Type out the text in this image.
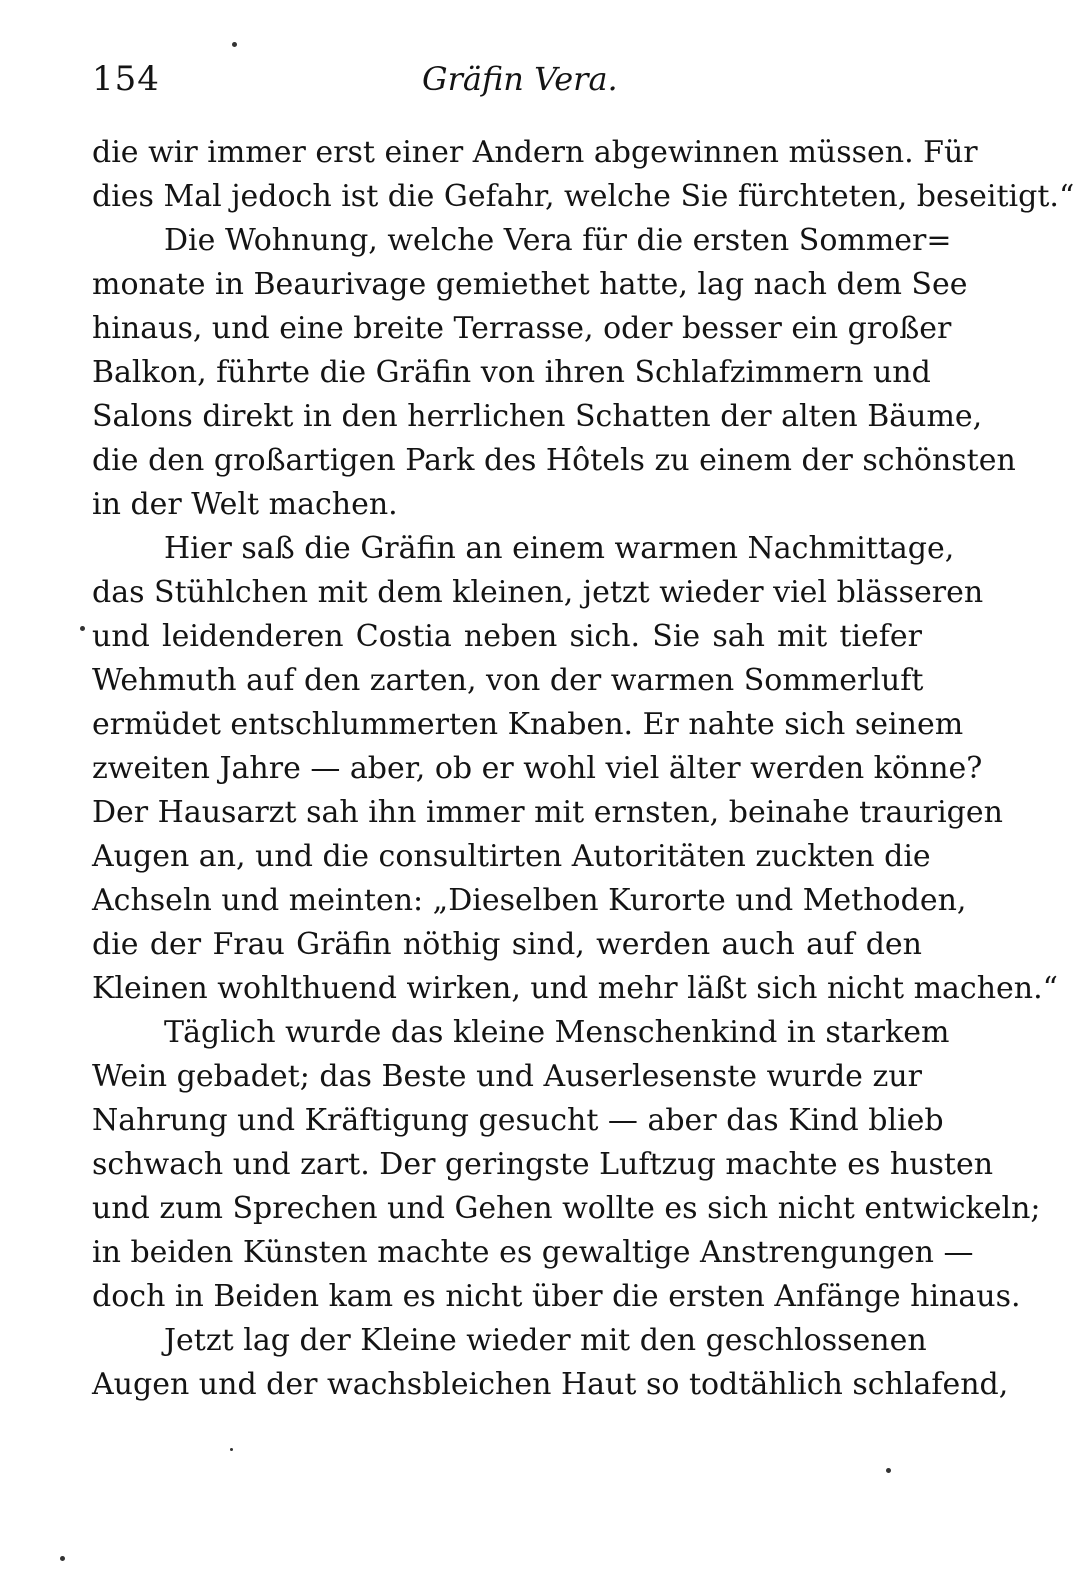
154	Gräfin Vera.
die wir immer erst einer Andern abgewinnen müssen. Für
dies Mal jedoch ist die Gefahr, welche Sie fürchteten, beseitigt.“
Die Wohnung, welche Vera für die ersten Sommer=
monate in Beaurivage gemiethet hatte, lag nach dem See
hinaus, und eine breite Terrasse, oder besser ein großer
Balkon, führte die Gräfin von ihren Schlafzimmern und
Salons direkt in den herrlichen Schatten der alten Bäume,
die den großartigen Park des Hôtels zu einem der schönsten
in der Welt machen.
Hier saß die Gräfin an einem warmen Nachmittage,
das Stühlchen mit dem kleinen, jetzt wieder viel blässeren
und leidenderen Costia neben sich. Sie sah mit tiefer
Wehmuth auf den zarten, von der warmen Sommerluft
ermüdet entschlummerten Knaben. Er nahte sich seinem
zweiten Jahre — aber, ob er wohl viel älter werden könne?
Der Hausarzt sah ihn immer mit ernsten, beinahe traurigen
Augen an, und die consultirten Autoritäten zuckten die
Achseln und meinten: „Dieselben Kurorte und Methoden,
die der Frau Gräfin nöthig sind, werden auch auf den
Kleinen wohlthuend wirken, und mehr läßt sich nicht machen.“
Täglich wurde das kleine Menschenkind in starkem
Wein gebadet; das Beste und Auserlesenste wurde zur
Nahrung und Kräftigung gesucht — aber das Kind blieb
schwach und zart. Der geringste Luftzug machte es husten
und zum Sprechen und Gehen wollte es sich nicht entwickeln;
in beiden Künsten machte es gewaltige Anstrengungen —
doch in Beiden kam es nicht über die ersten Anfänge hinaus.
Jetzt lag der Kleine wieder mit den geschlossenen
Augen und der wachsbleichen Haut so todtählich schlafend,
